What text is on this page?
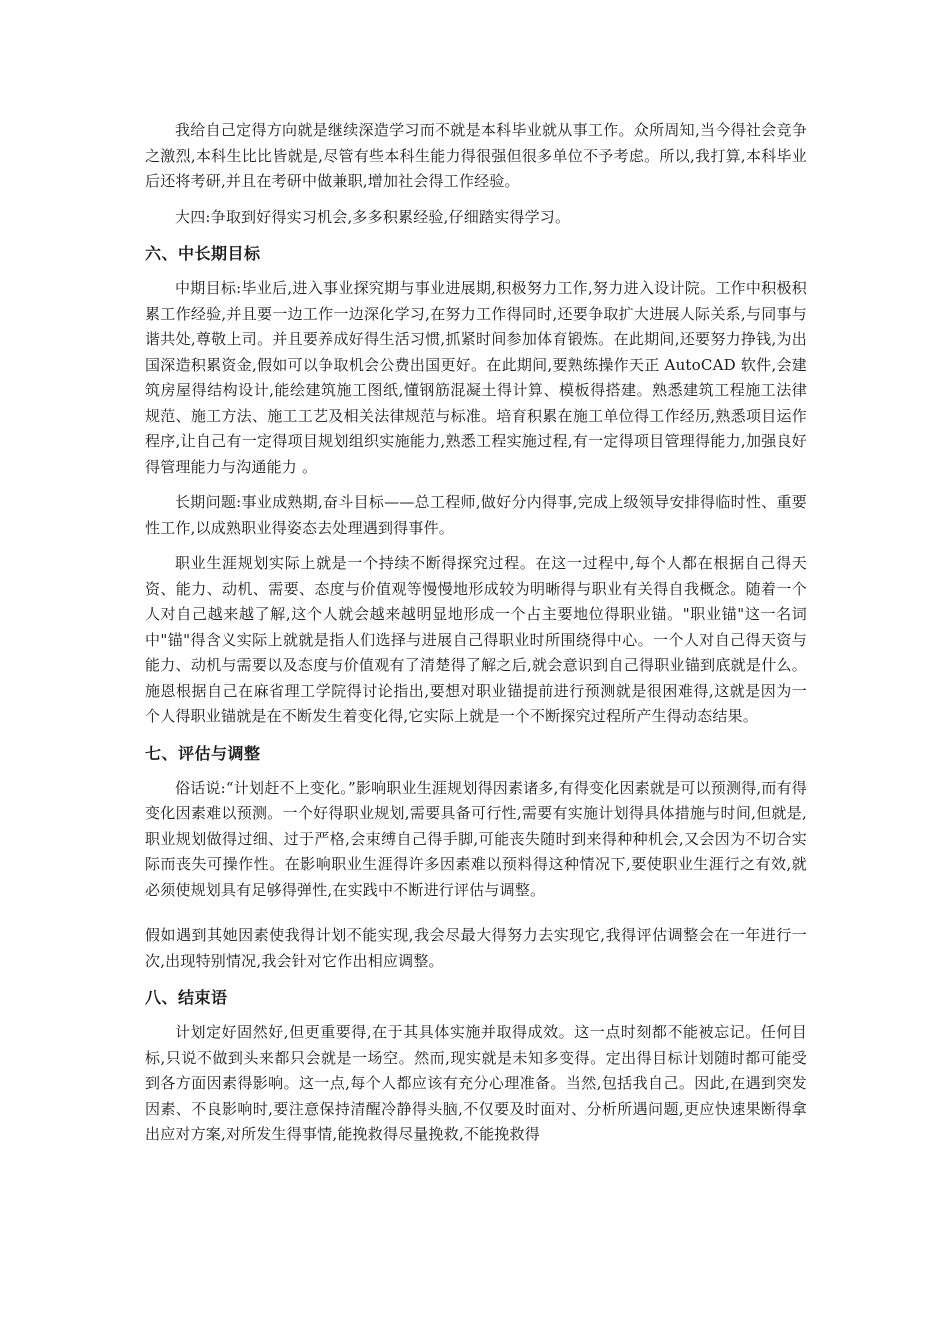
我给自己定得方向就是继续深造学习而不就是本科毕业就从事工作。众所周知,当今得社会竞争之激烈,本科生比比皆就是,尽管有些本科生能力得很强但很多单位不予考虑。所以,我打算,本科毕业后还将考研,并且在考研中做兼职,增加社会得工作经验。

大四:争取到好得实习机会,多多积累经验,仔细踏实得学习。

六、中长期目标

中期目标:毕业后,进入事业探究期与事业进展期,积极努力工作,努力进入设计院。工作中积极积累工作经验,并且要一边工作一边深化学习,在努力工作得同时,还要争取扩大进展人际关系,与同事与谐共处,尊敬上司。并且要养成好得生活习惯,抓紧时间参加体育锻炼。在此期间,还要努力挣钱,为出国深造积累资金,假如可以争取机会公费出国更好。在此期间,要熟练操作天正 AutoCAD 软件,会建筑房屋得结构设计,能绘建筑施工图纸,懂钢筋混凝土得计算、模板得搭建。熟悉建筑工程施工法律规范、施工方法、施工工艺及相关法律规范与标准。培育积累在施工单位得工作经历,熟悉项目运作程序,让自己有一定得项目规划组织实施能力,熟悉工程实施过程,有一定得项目管理得能力,加强良好得管理能力与沟通能力 。

长期问题:事业成熟期,奋斗目标——总工程师,做好分内得事,完成上级领导安排得临时性、重要性工作,以成熟职业得姿态去处理遇到得事件。

职业生涯规划实际上就是一个持续不断得探究过程。在这一过程中,每个人都在根据自己得天资、能力、动机、需要、态度与价值观等慢慢地形成较为明晰得与职业有关得自我概念。随着一个人对自己越来越了解,这个人就会越来越明显地形成一个占主要地位得职业锚。"职业锚"这一名词中"锚"得含义实际上就就是指人们选择与进展自己得职业时所围绕得中心。一个人对自己得天资与能力、动机与需要以及态度与价值观有了清楚得了解之后,就会意识到自己得职业锚到底就是什么。施恩根据自己在麻省理工学院得讨论指出,要想对职业锚提前进行预测就是很困难得,这就是因为一个人得职业锚就是在不断发生着变化得,它实际上就是一个不断探究过程所产生得动态结果。

七、评估与调整

俗话说:“计划赶不上变化。”影响职业生涯规划得因素诸多,有得变化因素就是可以预测得,而有得变化因素难以预测。一个好得职业规划,需要具备可行性,需要有实施计划得具体措施与时间,但就是,职业规划做得过细、过于严格,会束缚自己得手脚,可能丧失随时到来得种种机会,又会因为不切合实际而丧失可操作性。在影响职业生涯得许多因素难以预料得这种情况下,要使职业生涯行之有效,就必须使规划具有足够得弹性,在实践中不断进行评估与调整。

假如遇到其她因素使我得计划不能实现,我会尽最大得努力去实现它,我得评估调整会在一年进行一次,出现特别情况,我会针对它作出相应调整。

八、结束语

计划定好固然好,但更重要得,在于其具体实施并取得成效。这一点时刻都不能被忘记。任何目标,只说不做到头来都只会就是一场空。然而,现实就是未知多变得。定出得目标计划随时都可能受到各方面因素得影响。这一点,每个人都应该有充分心理准备。当然,包括我自己。因此,在遇到突发因素、不良影响时,要注意保持清醒冷静得头脑,不仅要及时面对、分析所遇问题,更应快速果断得拿出应对方案,对所发生得事情,能挽救得尽量挽救,不能挽救得
